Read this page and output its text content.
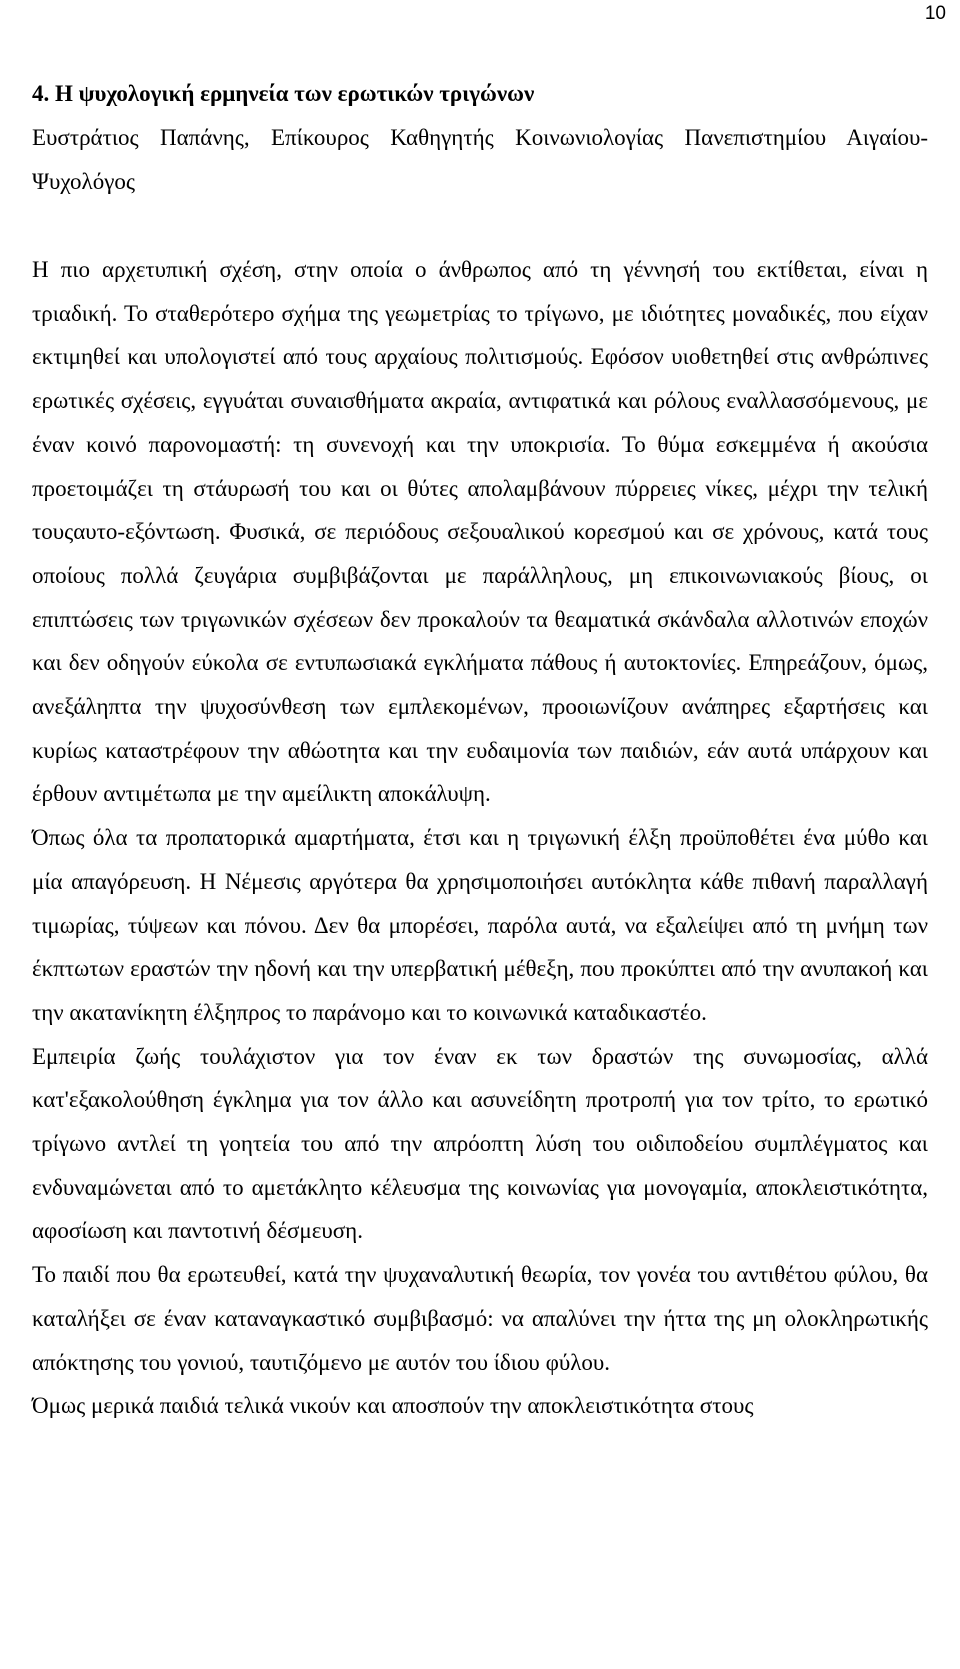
10
4. Η ψυχολογική ερμηνεία των ερωτικών τριγώνων

Ευστράτιος Παπάνης, Επίκουρος Καθηγητής Κοινωνιολογίας Πανεπιστημίου Αιγαίου-Ψυχολόγος

Η πιο αρχετυπική σχέση, στην οποία ο άνθρωπος από τη γέννησή του εκτίθεται, είναι η τριαδική. Το σταθερότερο σχήμα της γεωμετρίας το τρίγωνο, με ιδιότητες μοναδικές, που είχαν εκτιμηθεί και υπολογιστεί από τους αρχαίους πολιτισμούς. Εφόσον υιοθετηθεί στις ανθρώπινες ερωτικές σχέσεις, εγγυάται συναισθήματα ακραία, αντιφατικά και ρόλους εναλλασσόμενους, με έναν κοινό παρονομαστή: τη συνενοχή και την υποκρισία. Το θύμα εσκεμμένα ή ακούσια προετοιμάζει τη στάυρωσή του και οι θύτες απολαμβάνουν πύρρειες νίκες, μέχρι την τελική τουςαυτο-εξόντωση. Φυσικά, σε περιόδους σεξουαλικού κορεσμού και σε χρόνους, κατά τους οποίους πολλά ζευγάρια συμβιβάζονται με παράλληλους, μη επικοινωνιακούς βίους, οι επιπτώσεις των τριγωνικών σχέσεων δεν προκαλούν τα θεαματικά σκάνδαλα αλλοτινών εποχών και δεν οδηγούν εύκολα σε εντυπωσιακά εγκλήματα πάθους ή αυτοκτονίες. Επηρεάζουν, όμως, ανεξάληπτα την ψυχοσύνθεση των εμπλεκομένων, προοιωνίζουν ανάπηρες εξαρτήσεις και κυρίως καταστρέφουν την αθώοτητα και την ευδαιμονία των παιδιών, εάν αυτά υπάρχουν και έρθουν αντιμέτωπα με την αμείλικτη αποκάλυψη.

Όπως όλα τα προπατορικά αμαρτήματα, έτσι και η τριγωνική έλξη προϋποθέτει ένα μύθο και μία απαγόρευση. Η Νέμεσις αργότερα θα χρησιμοποιήσει αυτόκλητα κάθε πιθανή παραλλαγή τιμωρίας, τύψεων και πόνου. Δεν θα μπορέσει, παρόλα αυτά, να εξαλείψει από τη μνήμη των έκπτωτων εραστών την ηδονή και την υπερβατική μέθεξη, που προκύπτει από την ανυπακοή και την ακατανίκητη έλξηπρος το παράνομο και το κοινωνικά καταδικαστέο.

Εμπειρία ζωής τουλάχιστον για τον έναν εκ των δραστών της συνωμοσίας, αλλά κατ'εξακολούθηση έγκλημα για τον άλλο και ασυνείδητη προτροπή για τον τρίτο, το ερωτικό τρίγωνο αντλεί τη γοητεία του από την απρόοπτη λύση του οιδιποδείου συμπλέγματος και ενδυναμώνεται από το αμετάκλητο κέλευσμα της κοινωνίας για μονογαμία, αποκλειστικότητα, αφοσίωση και παντοτινή δέσμευση.

Το παιδί που θα ερωτευθεί, κατά την ψυχαναλυτική θεωρία, τον γονέα του αντιθέτου φύλου, θα καταλήξει σε έναν καταναγκαστικό συμβιβασμό: να απαλύνει την ήττα της μη ολοκληρωτικής απόκτησης του γονιού, ταυτιζόμενο με αυτόν του ίδιου φύλου.

Όμως μερικά παιδιά τελικά νικούν και αποσπούν την αποκλειστικότητα στους
